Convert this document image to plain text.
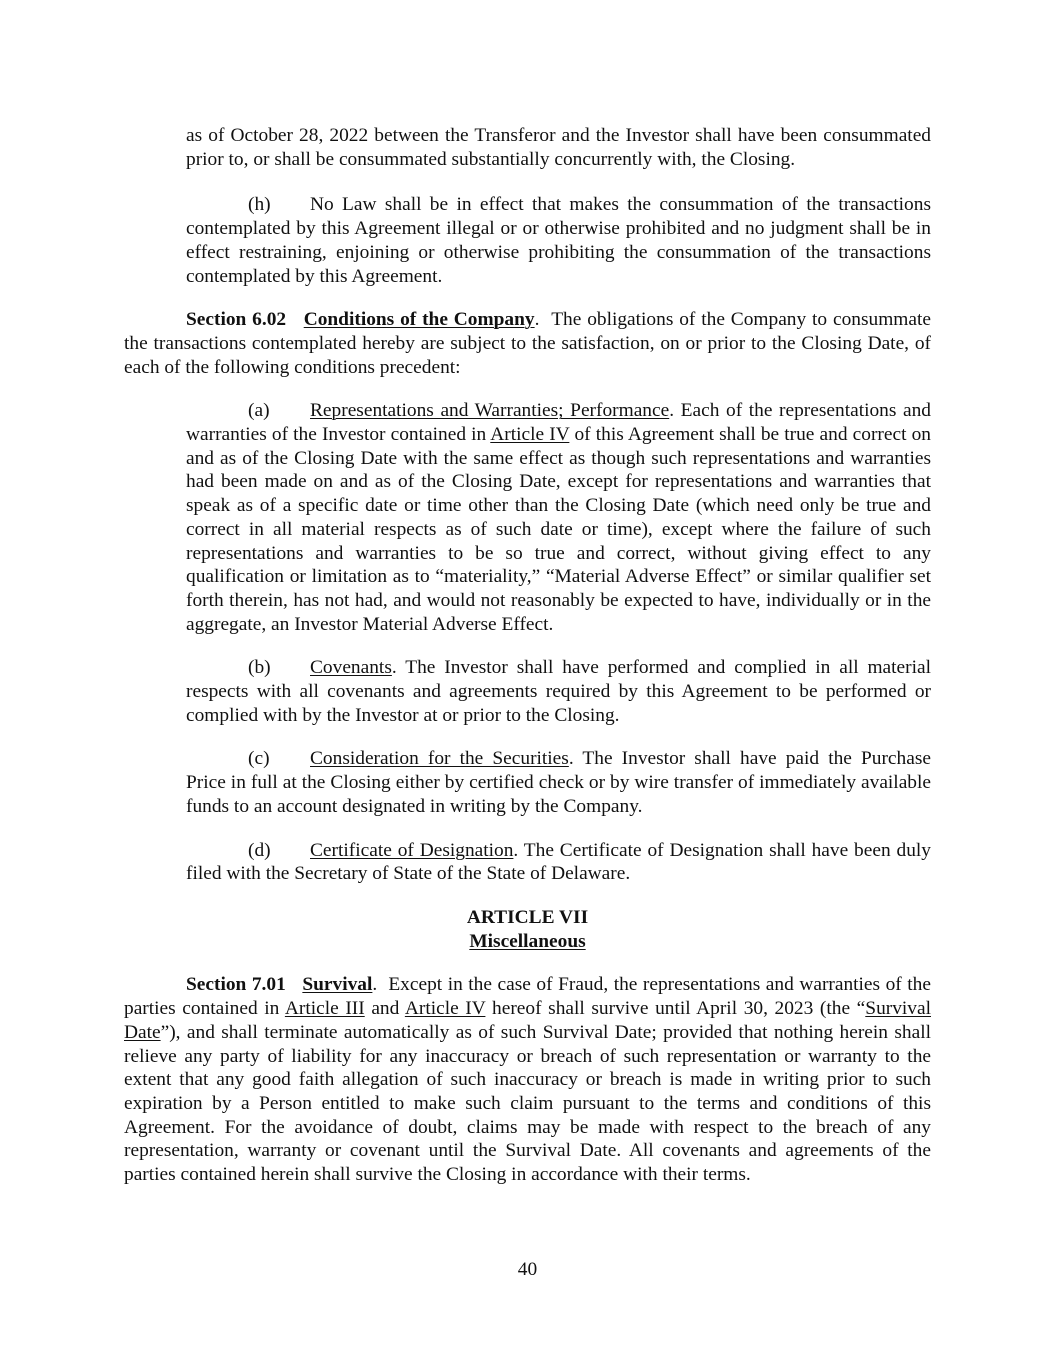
as of October 28, 2022 between the Transferor and the Investor shall have been consummated prior to, or shall be consummated substantially concurrently with, the Closing.

(h) No Law shall be in effect that makes the consummation of the transactions contemplated by this Agreement illegal or or otherwise prohibited and no judgment shall be in effect restraining, enjoining or otherwise prohibiting the consummation of the transactions contemplated by this Agreement.

Section 6.02 Conditions of the Company. The obligations of the Company to consummate the transactions contemplated hereby are subject to the satisfaction, on or prior to the Closing Date, of each of the following conditions precedent:

(a) Representations and Warranties; Performance. Each of the representations and warranties of the Investor contained in Article IV of this Agreement shall be true and correct on and as of the Closing Date with the same effect as though such representations and warranties had been made on and as of the Closing Date, except for representations and warranties that speak as of a specific date or time other than the Closing Date (which need only be true and correct in all material respects as of such date or time), except where the failure of such representations and warranties to be so true and correct, without giving effect to any qualification or limitation as to “materiality,” “Material Adverse Effect” or similar qualifier set forth therein, has not had, and would not reasonably be expected to have, individually or in the aggregate, an Investor Material Adverse Effect.

(b) Covenants. The Investor shall have performed and complied in all material respects with all covenants and agreements required by this Agreement to be performed or complied with by the Investor at or prior to the Closing.

(c) Consideration for the Securities. The Investor shall have paid the Purchase Price in full at the Closing either by certified check or by wire transfer of immediately available funds to an account designated in writing by the Company.

(d) Certificate of Designation. The Certificate of Designation shall have been duly filed with the Secretary of State of the State of Delaware.

ARTICLE VII

Miscellaneous

Section 7.01 Survival. Except in the case of Fraud, the representations and warranties of the parties contained in Article III and Article IV hereof shall survive until April 30, 2023 (the “Survival Date”), and shall terminate automatically as of such Survival Date; provided that nothing herein shall relieve any party of liability for any inaccuracy or breach of such representation or warranty to the extent that any good faith allegation of such inaccuracy or breach is made in writing prior to such expiration by a Person entitled to make such claim pursuant to the terms and conditions of this Agreement. For the avoidance of doubt, claims may be made with respect to the breach of any representation, warranty or covenant until the Survival Date. All covenants and agreements of the parties contained herein shall survive the Closing in accordance with their terms.

40
